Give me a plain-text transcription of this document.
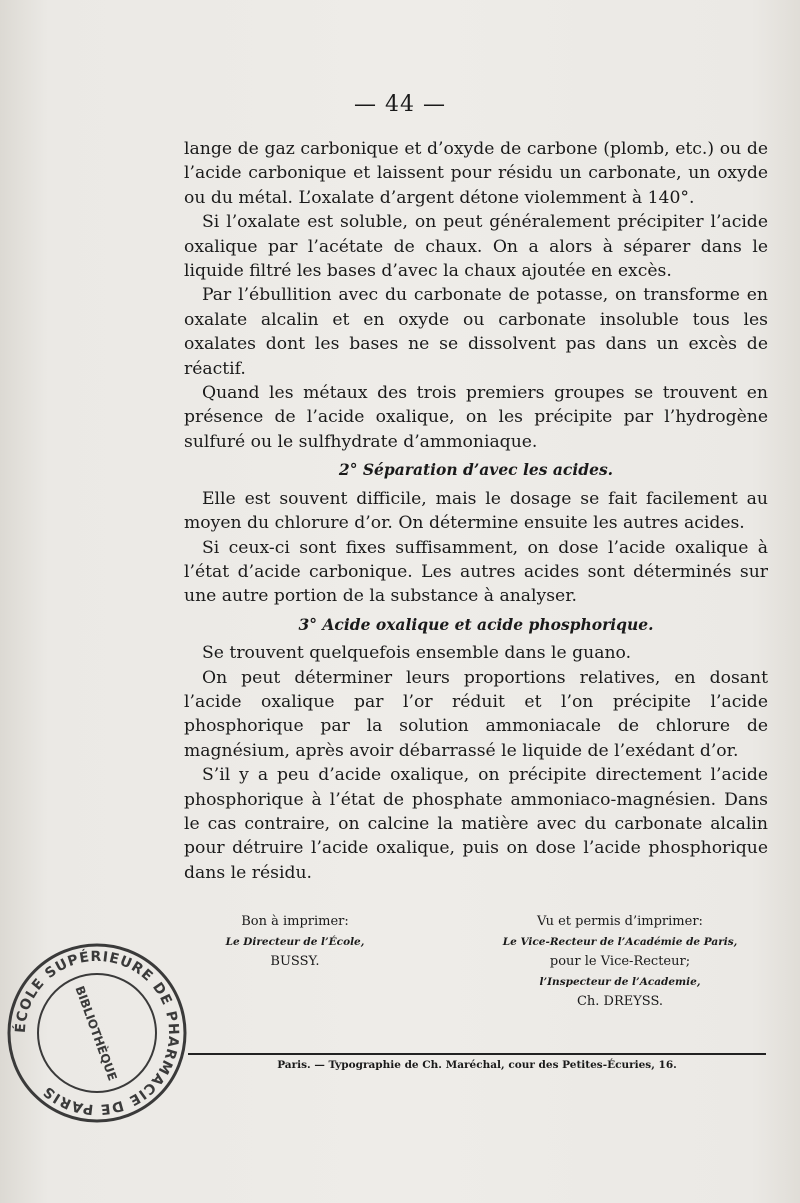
— 44 —

lange de gaz carbonique et d’oxyde de carbone (plomb, etc.) ou de l’acide carbonique et laissent pour résidu un carbonate, un oxyde ou du métal. L’oxalate d’argent détone violemment à 140°.

Si l’oxalate est soluble, on peut généralement précipiter l’acide oxalique par l’acétate de chaux. On a alors à séparer dans le liquide filtré les bases d’avec la chaux ajoutée en excès.

Par l’ébullition avec du carbonate de potasse, on transforme en oxalate alcalin et en oxyde ou carbonate insoluble tous les oxalates dont les bases ne se dissolvent pas dans un excès de réactif.

Quand les métaux des trois premiers groupes se trouvent en présence de l’acide oxalique, on les précipite par l’hydrogène sulfuré ou le sulfhydrate d’ammoniaque.

2° Séparation d’avec les acides.

Elle est souvent difficile, mais le dosage se fait facilement au moyen du chlorure d’or. On détermine ensuite les autres acides.

Si ceux-ci sont fixes suffisamment, on dose l’acide oxalique à l’état d’acide carbonique. Les autres acides sont déterminés sur une autre portion de la substance à analyser.

3° Acide oxalique et acide phosphorique.

Se trouvent quelquefois ensemble dans le guano.

On peut déterminer leurs proportions relatives, en dosant l’acide oxalique par l’or réduit et l’on précipite l’acide phosphorique par la solution ammoniacale de chlorure de magnésium, après avoir débarrassé le liquide de l’exédant d’or.

S’il y a peu d’acide oxalique, on précipite directement l’acide phosphorique à l’état de phosphate ammoniaco-magnésien. Dans le cas contraire, on calcine la matière avec du carbonate alcalin pour détruire l’acide oxalique, puis on dose l’acide phosphorique dans le résidu.

Bon à imprimer:
Le Directeur de l’École,
BUSSY.
Vu et permis d’imprimer:
Le Vice-Recteur de l’Académie de Paris,
pour le Vice-Recteur;
l’Inspecteur de l’Academie,
Ch. DREYSS.
Paris. — Typographie de Ch. Maréchal, cour des Petites-Écuries, 16.
ÉCOLE SUPÉRIEURE DE PHARMACIE DE PARIS
BIBLIOTHÈQUE
